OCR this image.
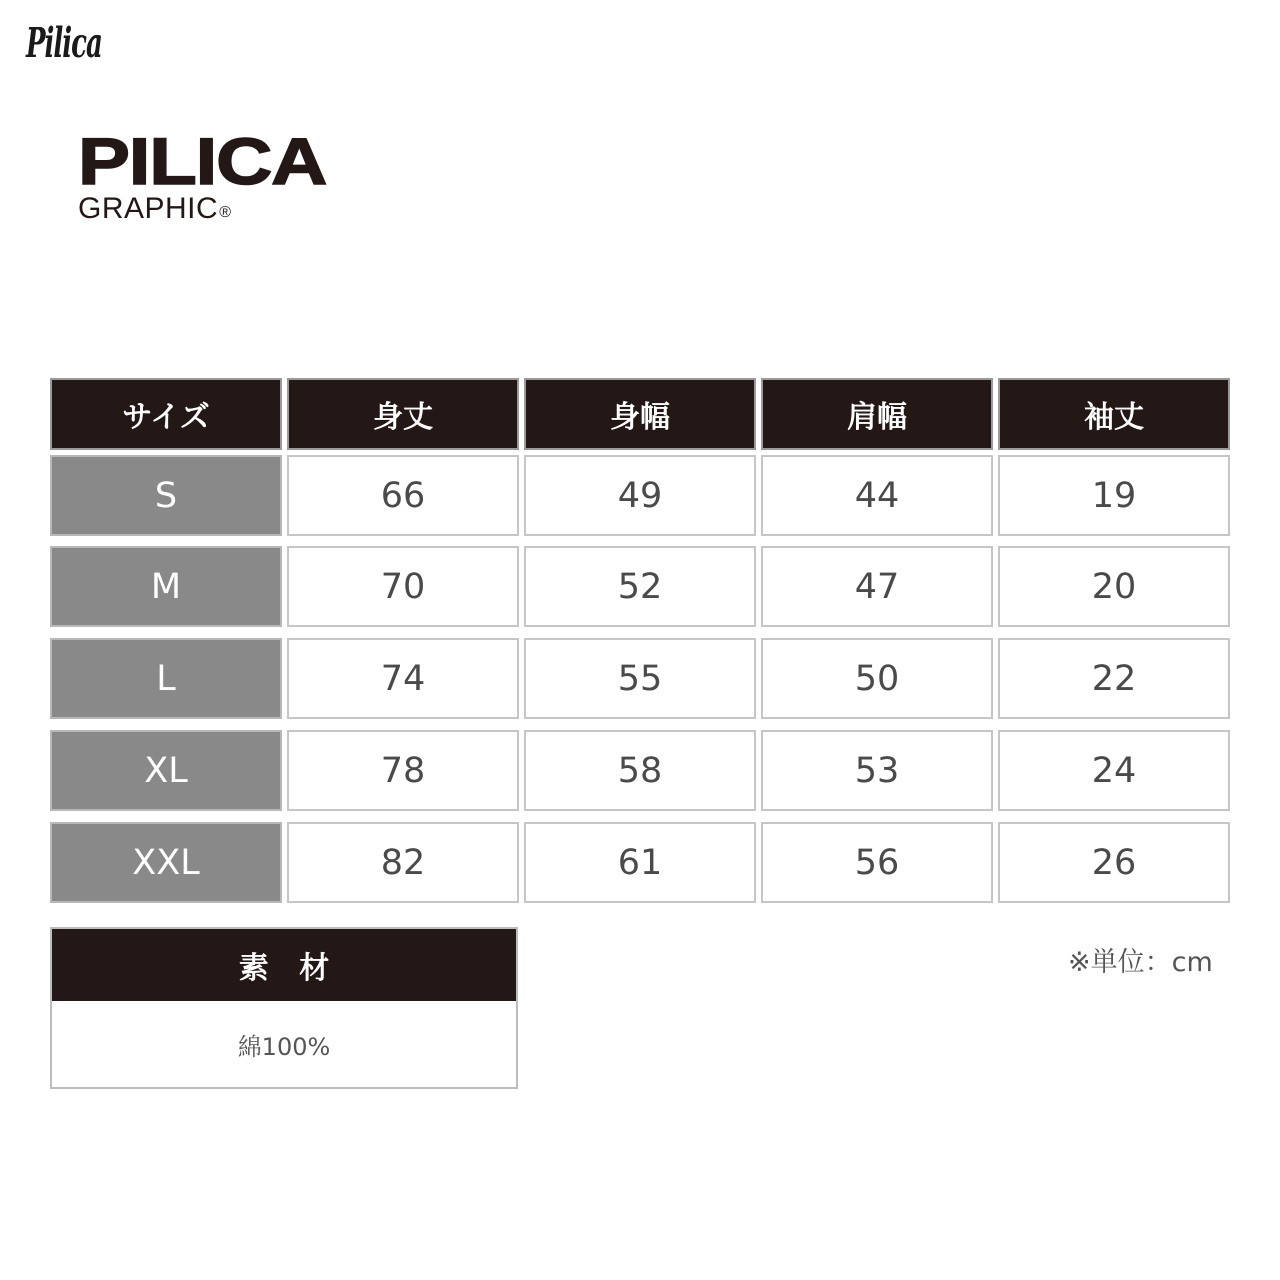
Pilica
PILICA
GRAPHIC®
サイズ	身丈	身幅	肩幅	袖丈
S	66	49	44	19
M	70	52	47	20
L	74	55	50	22
XL	78	58	53	24
XXL	82	61	56	26
素 材
綿100%
※単位：cm
